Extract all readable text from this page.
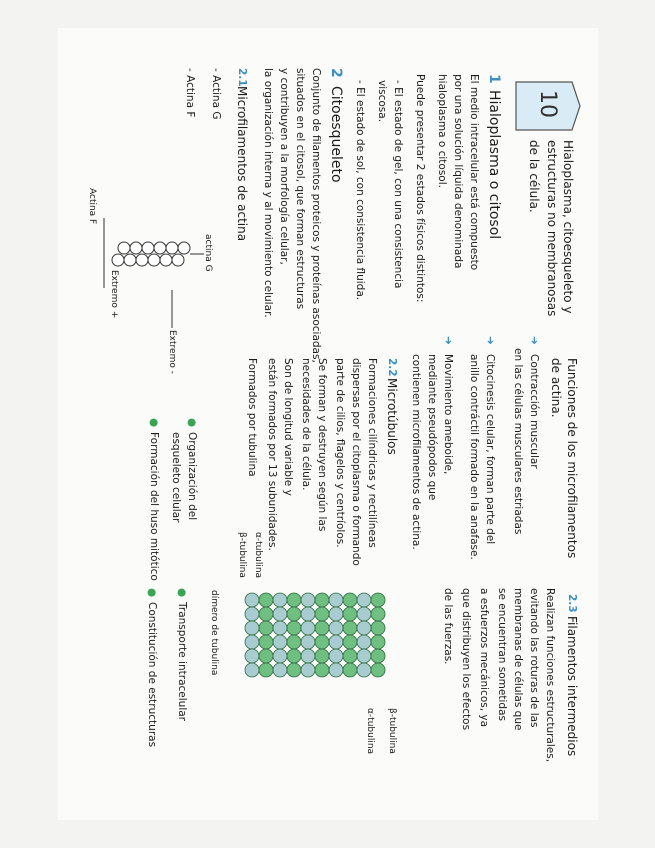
10
Hialoplasma, citoesqueleto y
estructuras no membranosas
de la célula.
1
Hialoplasma o citosol
El medio intracelular está compuesto
por una solución líquida denominada
hialoplasma o citosol.
Puede presentar 2 estados físicos distintos:
- El estado de gel, con una consistencia
viscosa.
- El estado de sol, con consistencia fluida.
2
Citoesqueleto
Conjunto de filamentos proteicos y proteínas asociadas,
situados en el citosol, que forman estructuras
y contribuyen a la morfología celular,
la organización interna y al movimiento celular.
2.1
Microfilamentos de actina
- Actina G
- Actina F
actina G
Actina F
Extremo -
Extremo +
Funciones de los microfilamentos
de actina.
➜
Contracción muscular
en las células musculares estriadas
➜
Citocinesis celular, forman parte del
anillo contráctil formado en la anafase.
➜
Movimiento ameboide,
mediante pseudópodos que
contienen microfilamentos de actina.
2.2
Microtúbulos
Formaciones cilíndricas y rectilíneas
dispersas por el citoplasma o formando
parte de cilios, flagelos y centríolos.
Se forman y destruyen según las
necesidades de la célula.
Son de longitud variable y
están formados por 13 subunidades.
Formados por tubulina
α-tubulina
β-tubulina
β-tubulina
α-tubulina
dímero de tubulina
●
Organización del
esqueleto celular
●
Formación del huso mitótico
●
Transporte intracelular
●
Constitución de estructuras	2.3
Filamentos intermedios
Realizan funciones estructurales,
evitando las roturas de las
membranas de células que
se encuentran sometidas
a esfuerzos mecánicos, ya
que distribuyen los efectos
de las fuerzas.
